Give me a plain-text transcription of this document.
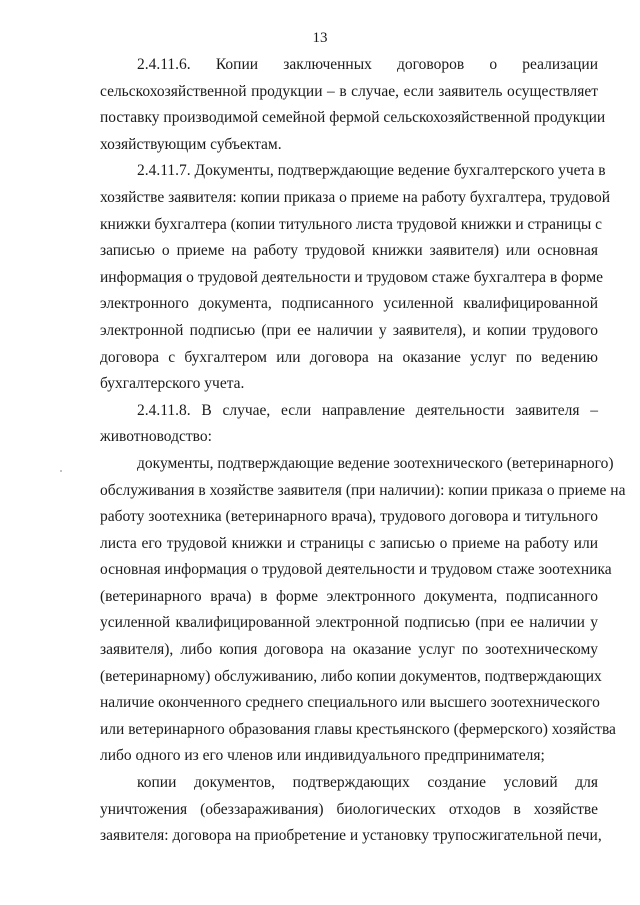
13
2.4.11.6. Копии заключенных договоров о реализации
сельскохозяйственной продукции – в случае, если заявитель осуществляет
поставку производимой семейной фермой сельскохозяйственной продукции
хозяйствующим субъектам.
2.4.11.7. Документы, подтверждающие ведение бухгалтерского учета в
хозяйстве заявителя: копии приказа о приеме на работу бухгалтера, трудовой
книжки бухгалтера (копии титульного листа трудовой книжки и страницы с
записью о приеме на работу трудовой книжки заявителя) или основная
информация о трудовой деятельности и трудовом стаже бухгалтера в форме
электронного документа, подписанного усиленной квалифицированной
электронной подписью (при ее наличии у заявителя), и копии трудового
договора с бухгалтером или договора на оказание услуг по ведению
бухгалтерского учета.
2.4.11.8. В случае, если направление деятельности заявителя –
животноводство:
документы, подтверждающие ведение зоотехнического (ветеринарного)
обслуживания в хозяйстве заявителя (при наличии): копии приказа о приеме на
работу зоотехника (ветеринарного врача), трудового договора и титульного
листа его трудовой книжки и страницы с записью о приеме на работу или
основная информация о трудовой деятельности и трудовом стаже зоотехника
(ветеринарного врача) в форме электронного документа, подписанного
усиленной квалифицированной электронной подписью (при ее наличии у
заявителя), либо копия договора на оказание услуг по зоотехническому
(ветеринарному) обслуживанию, либо копии документов, подтверждающих
наличие оконченного среднего специального или высшего зоотехнического
или ветеринарного образования главы крестьянского (фермерского) хозяйства
либо одного из его членов или индивидуального предпринимателя;
копии документов, подтверждающих создание условий для
уничтожения (обеззараживания) биологических отходов в хозяйстве
заявителя: договора на приобретение и установку трупосжигательной печи,
